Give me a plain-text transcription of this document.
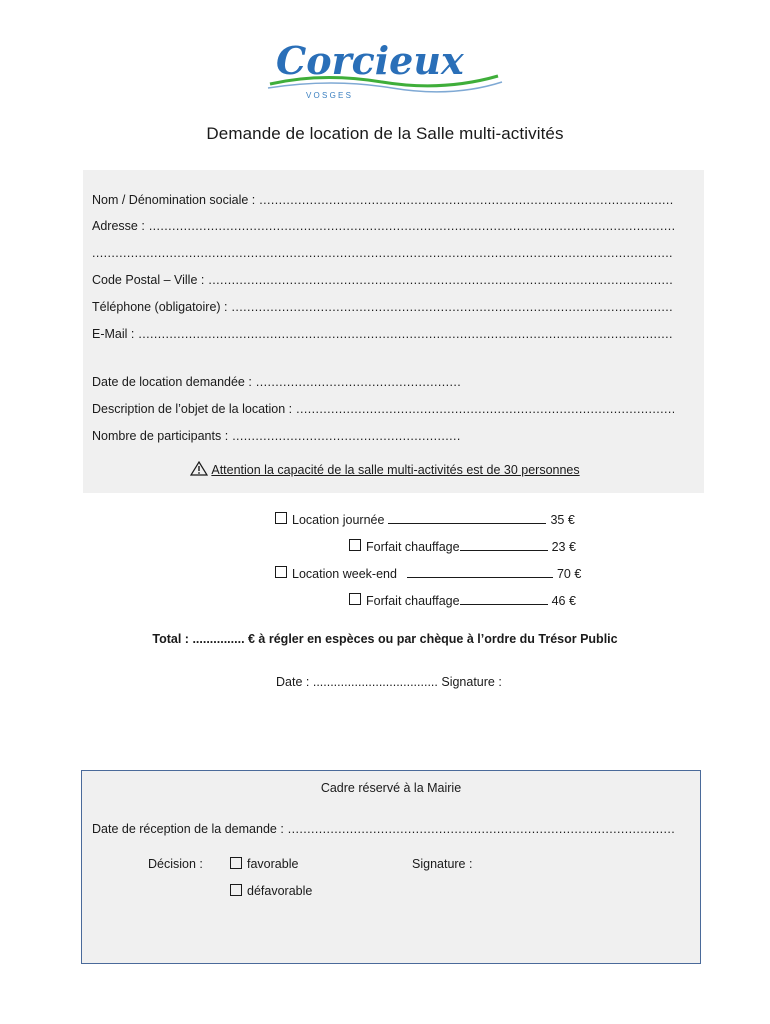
Corcieux
V O S G E S
Demande de location de la Salle multi-activités
Nom / Dénomination sociale :
.....
Adresse :
.....
.....
Code Postal – Ville :
.....
Téléphone (obligatoire) :
.....
E-Mail :
.....
Date de location demandée :
.....
Description de l’objet de la location :
.....
Nombre de participants :
.....
Attention la capacité de la salle multi-activités est de 30 personnes
Location journée	35 €
Forfait chauffage	23 €
Location week-end	70 €
Forfait chauffage	46 €
Total : ............... € à régler en espèces ou par chèque à l’ordre du Trésor Public
Date : .................................... Signature :
Cadre réservé à la Mairie
Date de réception de la demande :
.....
Décision :	favorable
défavorable
Signature :
